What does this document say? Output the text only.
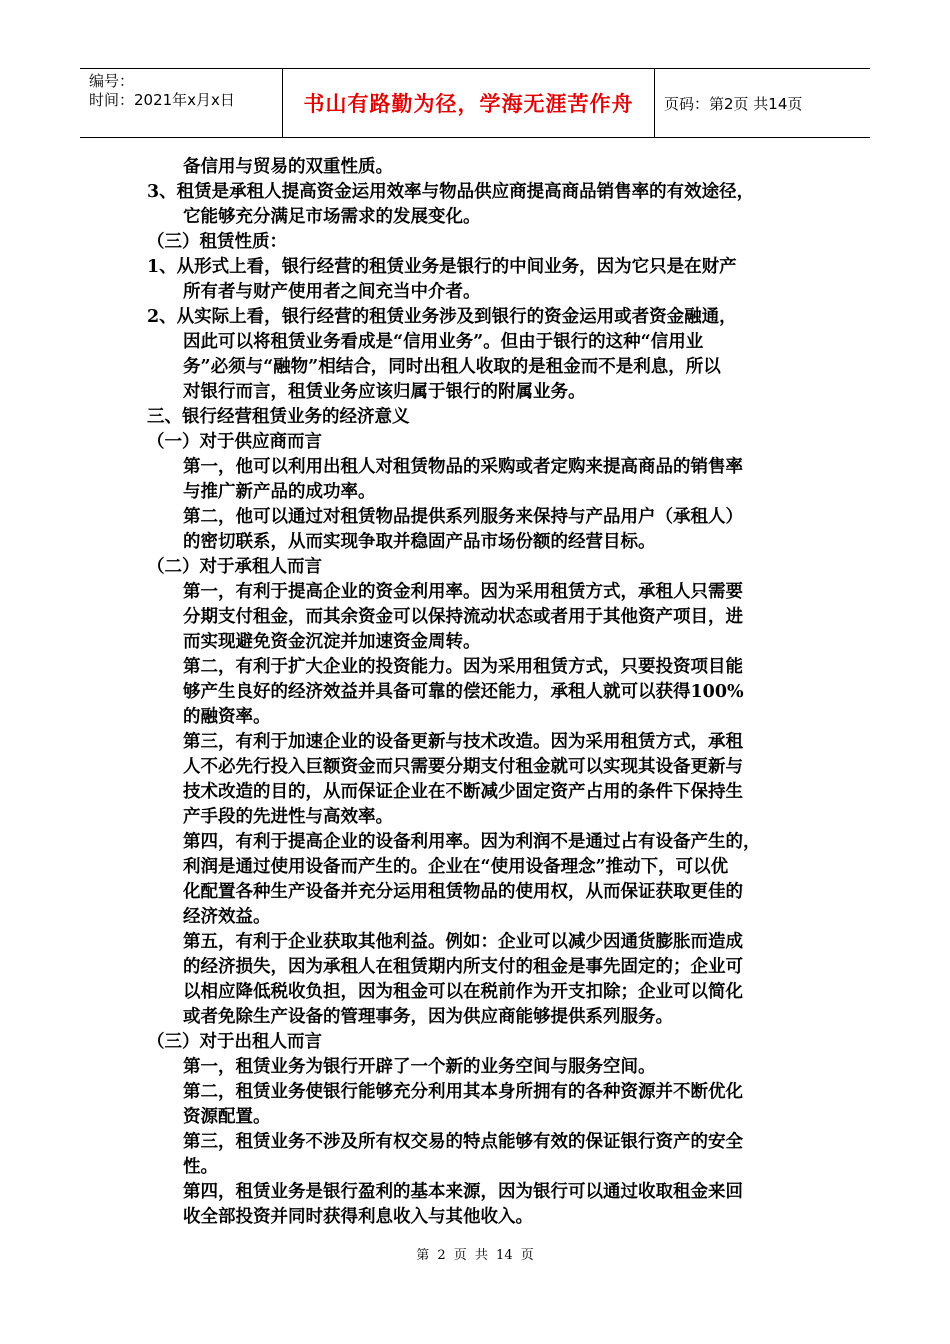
编号：
时间：2021年x月x日	书山有路勤为径，学海无涯苦作舟	页码：第2页 共14页
备信用与贸易的双重性质。
3、租赁是承租人提高资金运用效率与物品供应商提高商品销售率的有效途径，
它能够充分满足市场需求的发展变化。
（三）租赁性质：
1、从形式上看，银行经营的租赁业务是银行的中间业务，因为它只是在财产
所有者与财产使用者之间充当中介者。
2、从实际上看，银行经营的租赁业务涉及到银行的资金运用或者资金融通，
因此可以将租赁业务看成是“信用业务”。但由于银行的这种“信用业
务”必须与“融物”相结合，同时出租人收取的是租金而不是利息，所以
对银行而言，租赁业务应该归属于银行的附属业务。
三、银行经营租赁业务的经济意义
（一）对于供应商而言
第一，他可以利用出租人对租赁物品的采购或者定购来提高商品的销售率
与推广新产品的成功率。
第二，他可以通过对租赁物品提供系列服务来保持与产品用户（承租人）
的密切联系，从而实现争取并稳固产品市场份额的经营目标。
（二）对于承租人而言
第一，有利于提高企业的资金利用率。因为采用租赁方式，承租人只需要
分期支付租金，而其余资金可以保持流动状态或者用于其他资产项目，进
而实现避免资金沉淀并加速资金周转。
第二，有利于扩大企业的投资能力。因为采用租赁方式，只要投资项目能
够产生良好的经济效益并具备可靠的偿还能力，承租人就可以获得100%
的融资率。
第三，有利于加速企业的设备更新与技术改造。因为采用租赁方式，承租
人不必先行投入巨额资金而只需要分期支付租金就可以实现其设备更新与
技术改造的目的，从而保证企业在不断减少固定资产占用的条件下保持生
产手段的先进性与高效率。
第四，有利于提高企业的设备利用率。因为利润不是通过占有设备产生的，
利润是通过使用设备而产生的。企业在“使用设备理念”推动下，可以优
化配置各种生产设备并充分运用租赁物品的使用权，从而保证获取更佳的
经济效益。
第五，有利于企业获取其他利益。例如：企业可以减少因通货膨胀而造成
的经济损失，因为承租人在租赁期内所支付的租金是事先固定的；企业可
以相应降低税收负担，因为租金可以在税前作为开支扣除；企业可以简化
或者免除生产设备的管理事务，因为供应商能够提供系列服务。
（三）对于出租人而言
第一，租赁业务为银行开辟了一个新的业务空间与服务空间。
第二，租赁业务使银行能够充分利用其本身所拥有的各种资源并不断优化
资源配置。
第三，租赁业务不涉及所有权交易的特点能够有效的保证银行资产的安全
性。
第四，租赁业务是银行盈利的基本来源，因为银行可以通过收取租金来回
收全部投资并同时获得利息收入与其他收入。
第 2 页 共 14 页
